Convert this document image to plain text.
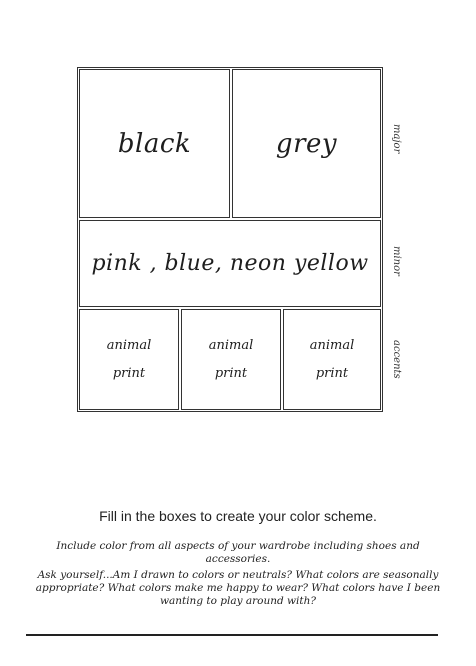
black	grey
pink , blue, neon yellow
animal
print
animal
print
animal
print
major
minor
accents
Fill in the boxes to create your color scheme.
Include color from all aspects of your wardrobe including shoes and accessories.
Ask yourself...Am I drawn to colors or neutrals? What colors are seasonally appropriate? What colors make me happy to wear? What colors have I been wanting to play around with?
